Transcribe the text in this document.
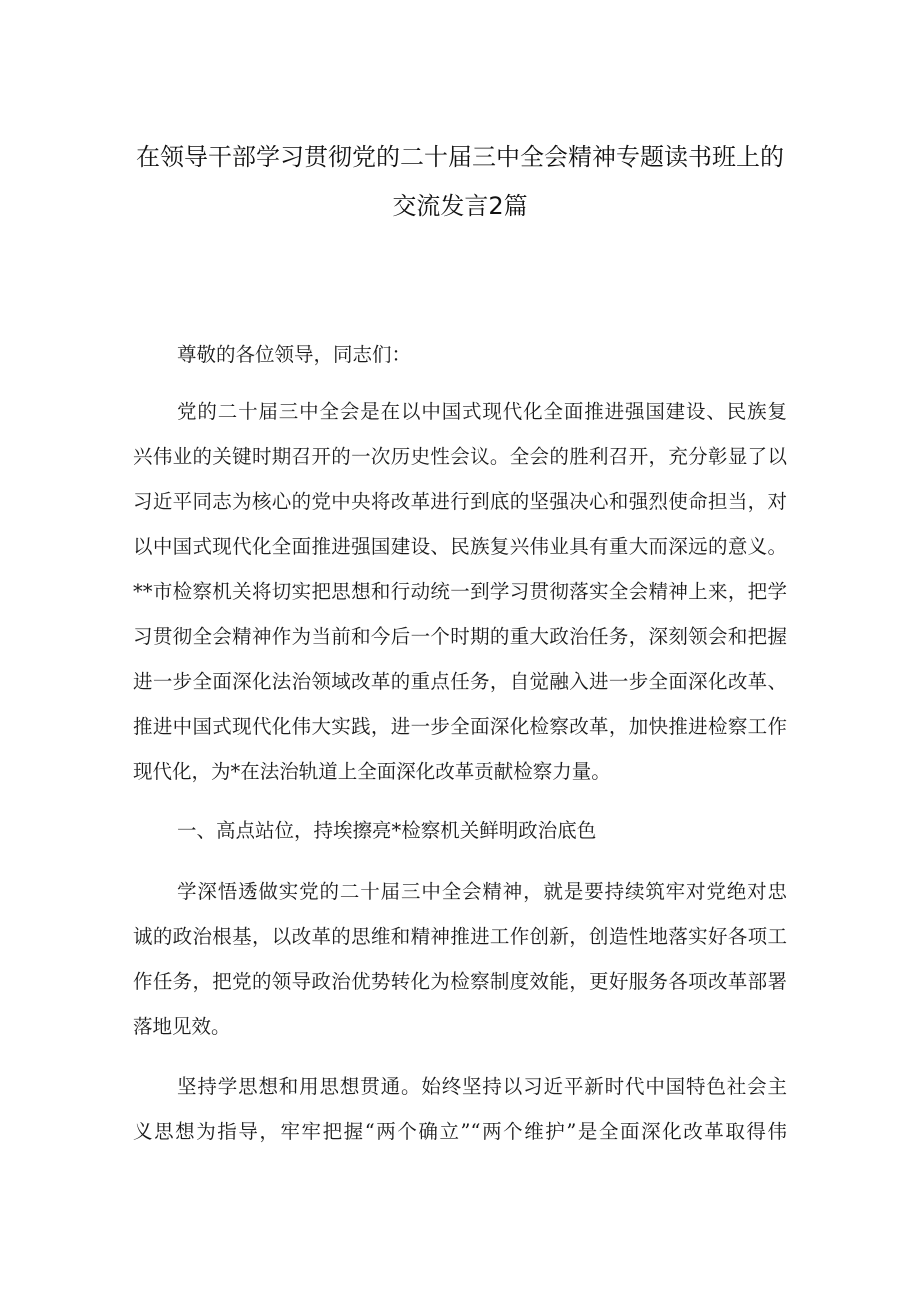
在领导干部学习贯彻党的二十届三中全会精神专题读书班上的
交流发言2篇
尊敬的各位领导，同志们：
党的二十届三中全会是在以中国式现代化全面推进强国建设、民族复
兴伟业的关键时期召开的一次历史性会议。全会的胜利召开，充分彰显了以
习近平同志为核心的党中央将改革进行到底的坚强决心和强烈使命担当，对
以中国式现代化全面推进强国建设、民族复兴伟业具有重大而深远的意义。
**市检察机关将切实把思想和行动统一到学习贯彻落实全会精神上来，把学
习贯彻全会精神作为当前和今后一个时期的重大政治任务，深刻领会和把握
进一步全面深化法治领域改革的重点任务，自觉融入进一步全面深化改革、
推进中国式现代化伟大实践，进一步全面深化检察改革，加快推进检察工作
现代化，为*在法治轨道上全面深化改革贡献检察力量。
一、高点站位，持埃擦亮*检察机关鲜明政治底色
学深悟透做实党的二十届三中全会精神，就是要持续筑牢对党绝对忠
诚的政治根基，以改革的思维和精神推进工作创新，创造性地落实好各项工
作任务，把党的领导政治优势转化为检察制度效能，更好服务各项改革部署
落地见效。
坚持学思想和用思想贯通。始终坚持以习近平新时代中国特色社会主
义思想为指导，牢牢把握“两个确立”“两个维护”是全面深化改革取得伟
